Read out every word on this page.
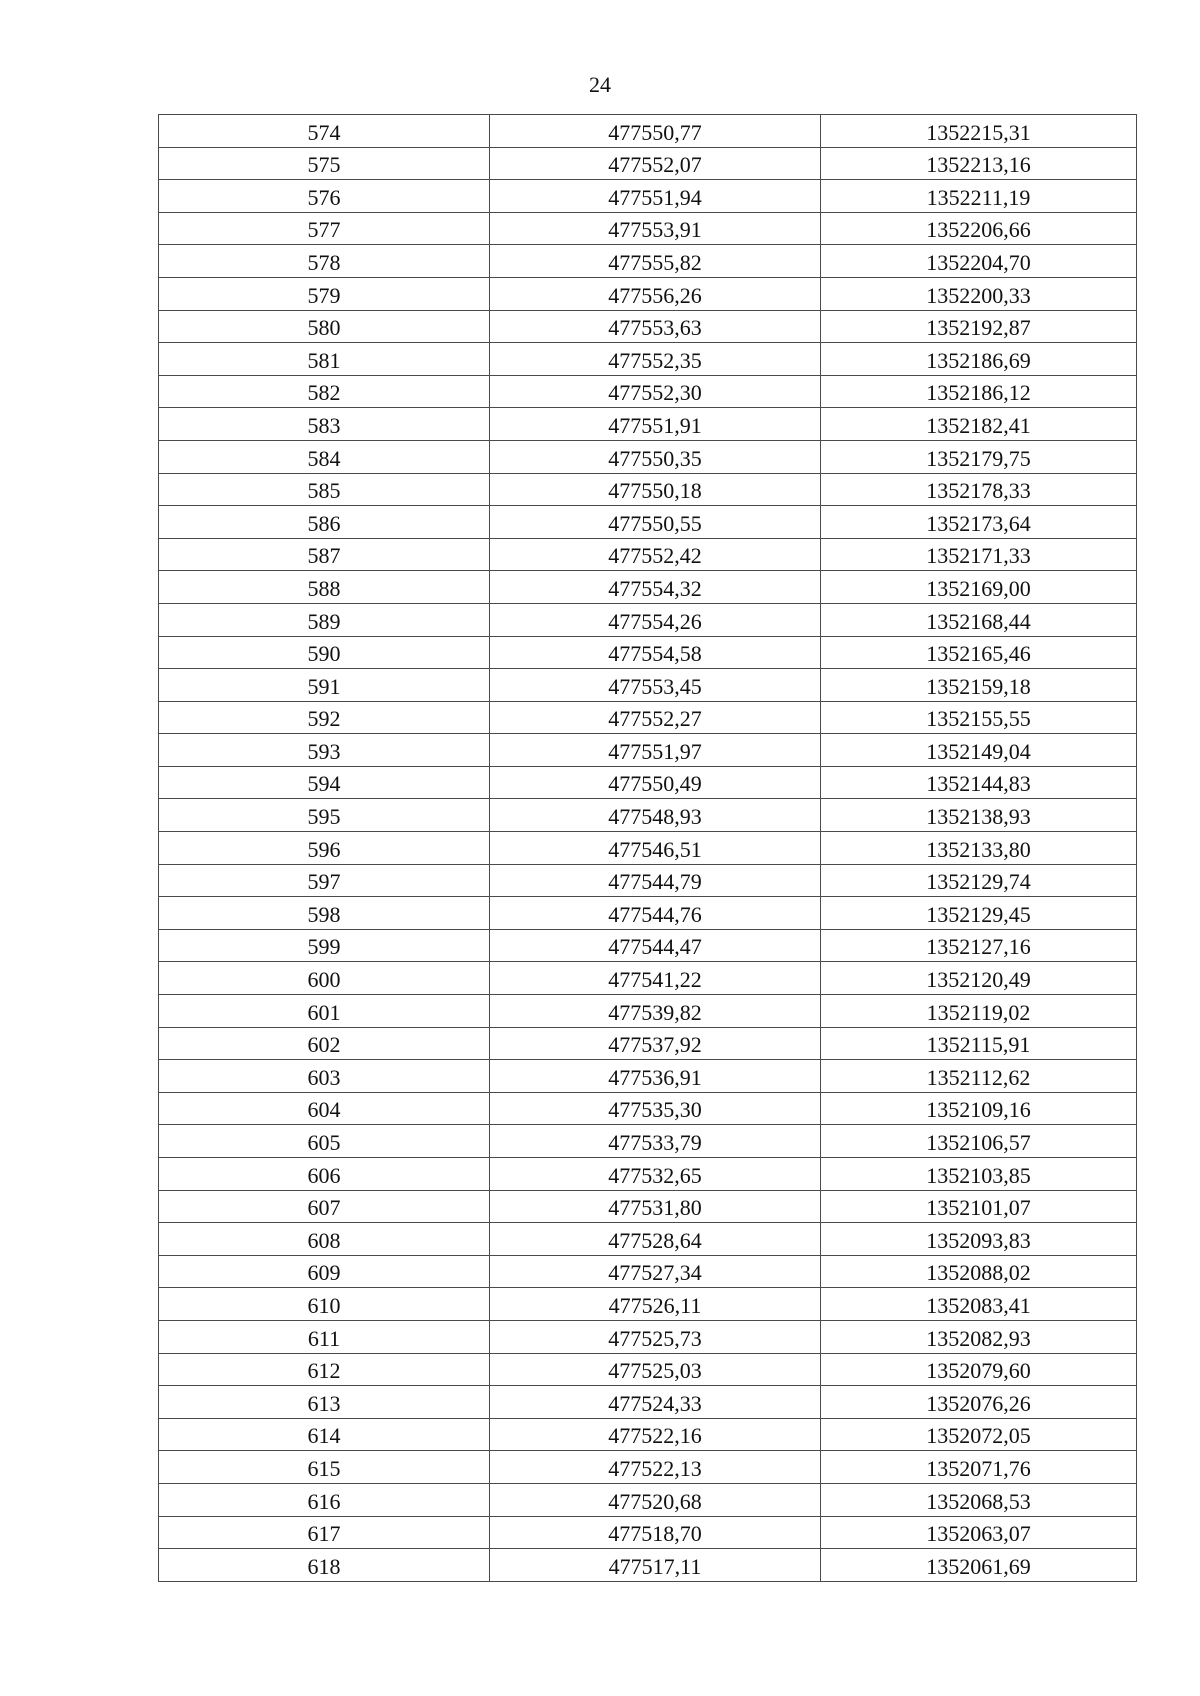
24
574	477550,77	1352215,31
575	477552,07	1352213,16
576	477551,94	1352211,19
577	477553,91	1352206,66
578	477555,82	1352204,70
579	477556,26	1352200,33
580	477553,63	1352192,87
581	477552,35	1352186,69
582	477552,30	1352186,12
583	477551,91	1352182,41
584	477550,35	1352179,75
585	477550,18	1352178,33
586	477550,55	1352173,64
587	477552,42	1352171,33
588	477554,32	1352169,00
589	477554,26	1352168,44
590	477554,58	1352165,46
591	477553,45	1352159,18
592	477552,27	1352155,55
593	477551,97	1352149,04
594	477550,49	1352144,83
595	477548,93	1352138,93
596	477546,51	1352133,80
597	477544,79	1352129,74
598	477544,76	1352129,45
599	477544,47	1352127,16
600	477541,22	1352120,49
601	477539,82	1352119,02
602	477537,92	1352115,91
603	477536,91	1352112,62
604	477535,30	1352109,16
605	477533,79	1352106,57
606	477532,65	1352103,85
607	477531,80	1352101,07
608	477528,64	1352093,83
609	477527,34	1352088,02
610	477526,11	1352083,41
611	477525,73	1352082,93
612	477525,03	1352079,60
613	477524,33	1352076,26
614	477522,16	1352072,05
615	477522,13	1352071,76
616	477520,68	1352068,53
617	477518,70	1352063,07
618	477517,11	1352061,69
